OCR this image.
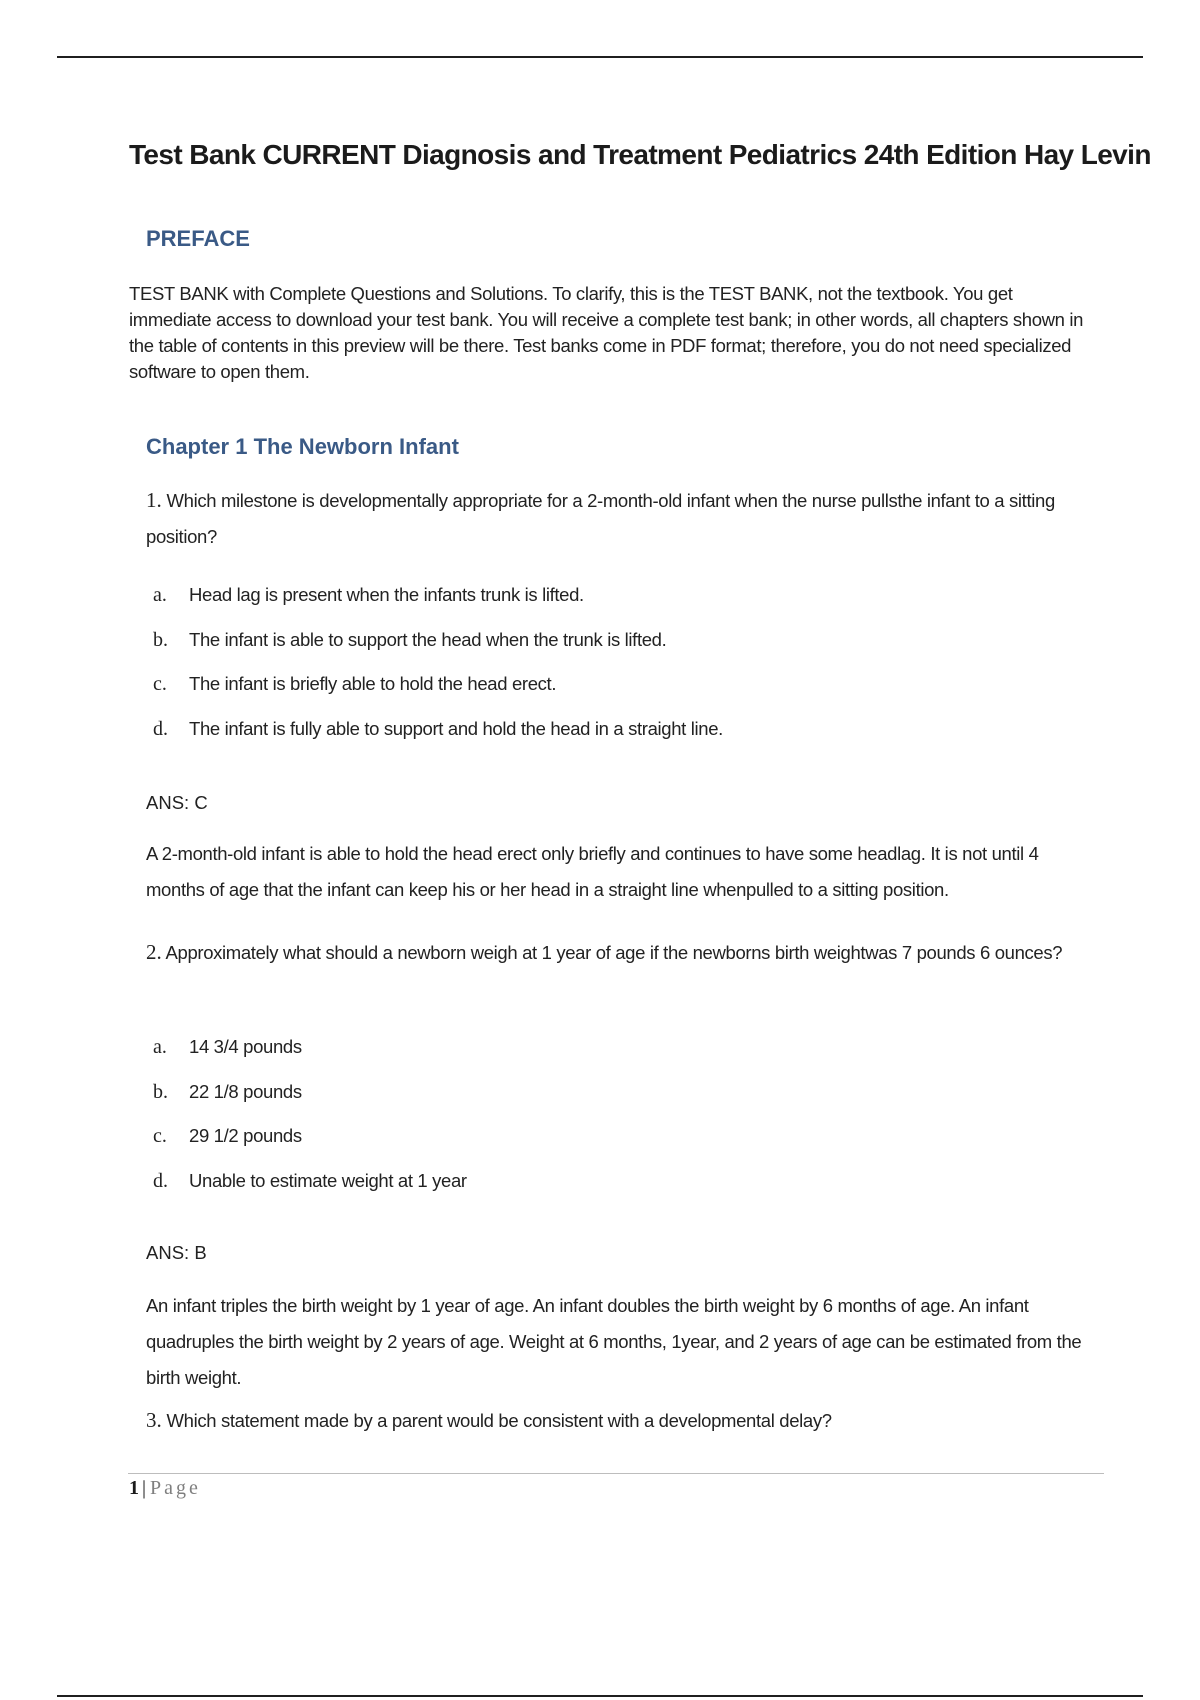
Test Bank CURRENT Diagnosis and Treatment Pediatrics 24th Edition Hay Levin
PREFACE

TEST BANK with Complete Questions and Solutions. To clarify, this is the TEST BANK, not the textbook. You get immediate access to download your test bank. You will receive a complete test bank; in other words, all chapters shown in the table of contents in this preview will be there. Test banks come in PDF format; therefore, you do not need specialized software to open them.

Chapter 1 The Newborn Infant

1. Which milestone is developmentally appropriate for a 2-month-old infant when the nurse pullsthe infant to a sitting position?

a.	Head lag is present when the infants trunk is lifted.
b.	The infant is able to support the head when the trunk is lifted.
c.	The infant is briefly able to hold the head erect.
d.	The infant is fully able to support and hold the head in a straight line.

ANS: C

A 2-month-old infant is able to hold the head erect only briefly and continues to have some headlag. It is not until 4 months of age that the infant can keep his or her head in a straight line whenpulled to a sitting position.

2. Approximately what should a newborn weigh at 1 year of age if the newborns birth weightwas 7 pounds 6 ounces?

a.	14 3/4 pounds
b.	22 1/8 pounds
c.	29 1/2 pounds
d.	Unable to estimate weight at 1 year

ANS: B

An infant triples the birth weight by 1 year of age. An infant doubles the birth weight by 6 months of age. An infant quadruples the birth weight by 2 years of age. Weight at 6 months, 1year, and 2 years of age can be estimated from the birth weight.

3. Which statement made by a parent would be consistent with a developmental delay?

1 | Page
